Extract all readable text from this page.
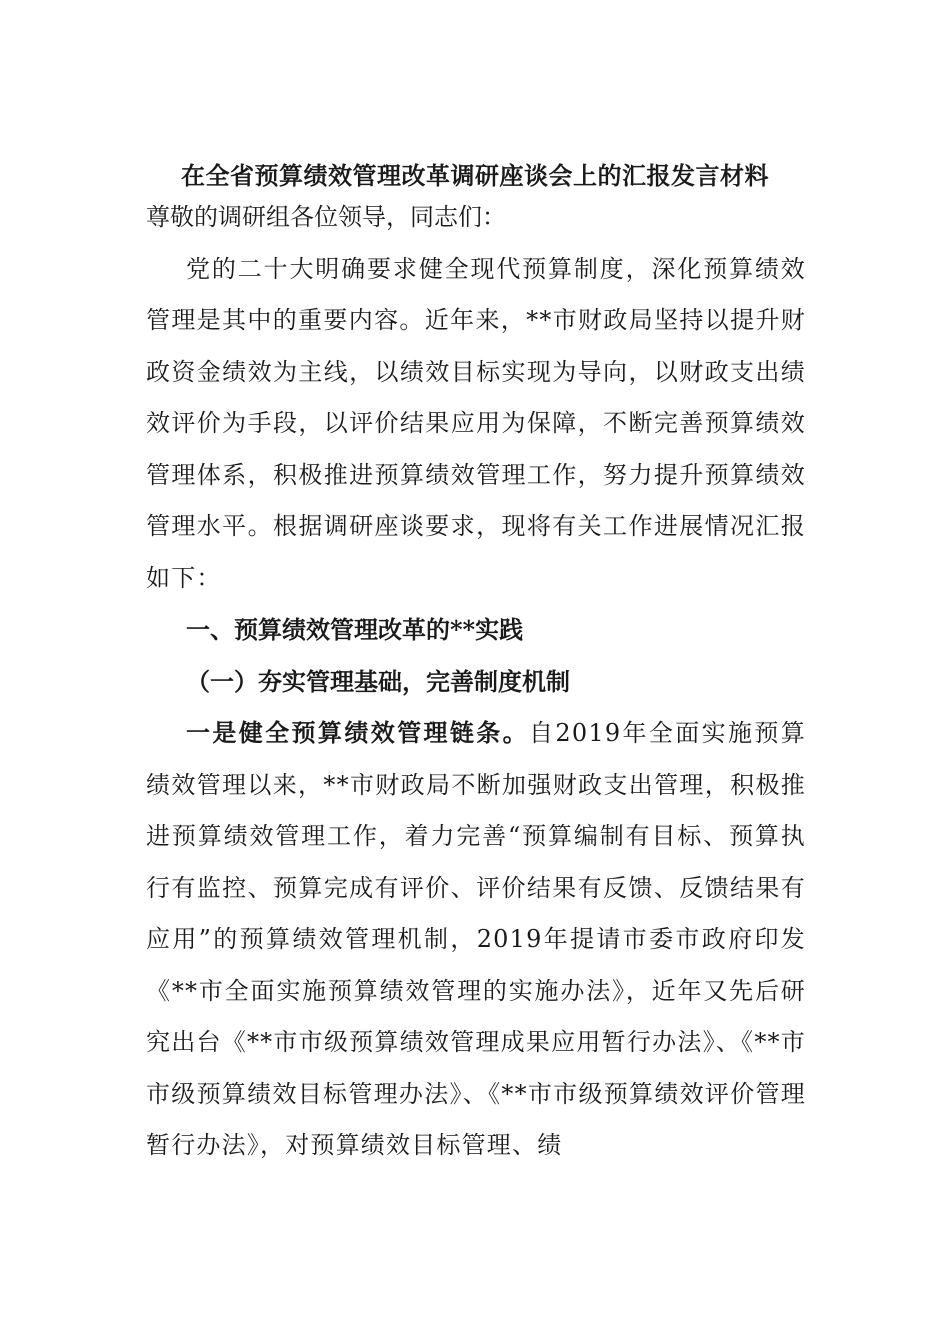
在全省预算绩效管理改革调研座谈会上的汇报发言材料

尊敬的调研组各位领导，同志们：

党的二十大明确要求健全现代预算制度，深化预算绩效管理是其中的重要内容。近年来，**市财政局坚持以提升财政资金绩效为主线，以绩效目标实现为导向，以财政支出绩效评价为手段，以评价结果应用为保障，不断完善预算绩效管理体系，积极推进预算绩效管理工作，努力提升预算绩效管理水平。根据调研座谈要求，现将有关工作进展情况汇报如下：

一、预算绩效管理改革的**实践

（一）夯实管理基础，完善制度机制

一是健全预算绩效管理链条。自2019年全面实施预算绩效管理以来，**市财政局不断加强财政支出管理，积极推进预算绩效管理工作，着力完善“预算编制有目标、预算执行有监控、预算完成有评价、评价结果有反馈、反馈结果有应用”的预算绩效管理机制，2019年提请市委市政府印发《**市全面实施预算绩效管理的实施办法》，近年又先后研究出台《**市市级预算绩效管理成果应用暂行办法》、《**市市级预算绩效目标管理办法》、《**市市级预算绩效评价管理暂行办法》，对预算绩效目标管理、绩
